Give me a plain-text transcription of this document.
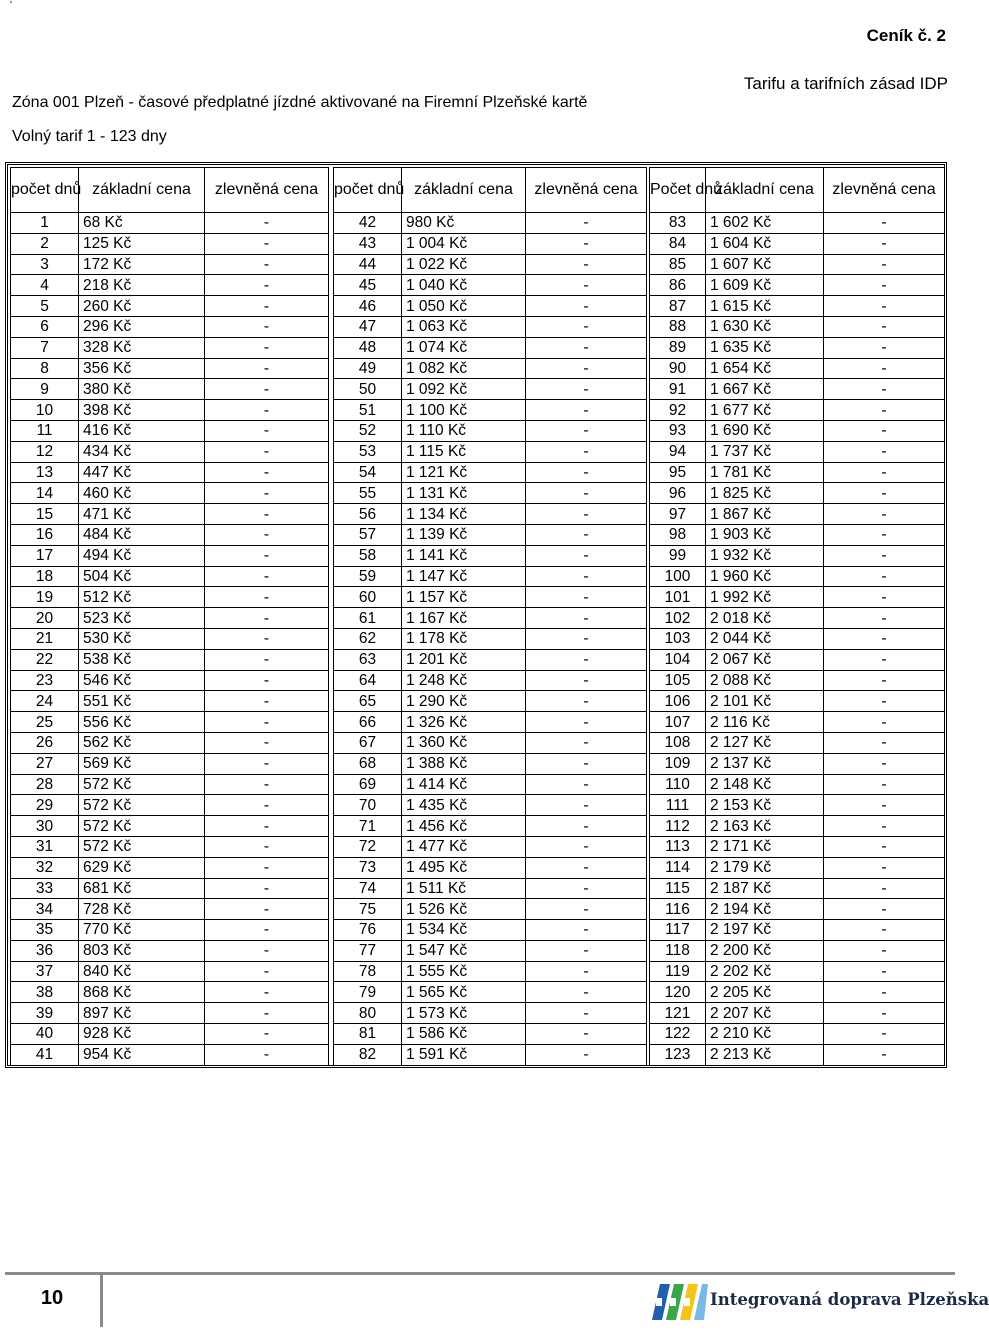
'
Ceník č. 2
Tarifu a tarifních zásad IDP
Zóna 001 Plzeň - časové předplatné jízdné aktivované na Firemní Plzeňské kartě
Volný tarif 1 - 123 dny
počet dnů	základní cena	zlevněná cena
1	68 Kč	-
2	125 Kč	-
3	172 Kč	-
4	218 Kč	-
5	260 Kč	-
6	296 Kč	-
7	328 Kč	-
8	356 Kč	-
9	380 Kč	-
10	398 Kč	-
11	416 Kč	-
12	434 Kč	-
13	447 Kč	-
14	460 Kč	-
15	471 Kč	-
16	484 Kč	-
17	494 Kč	-
18	504 Kč	-
19	512 Kč	-
20	523 Kč	-
21	530 Kč	-
22	538 Kč	-
23	546 Kč	-
24	551 Kč	-
25	556 Kč	-
26	562 Kč	-
27	569 Kč	-
28	572 Kč	-
29	572 Kč	-
30	572 Kč	-
31	572 Kč	-
32	629 Kč	-
33	681 Kč	-
34	728 Kč	-
35	770 Kč	-
36	803 Kč	-
37	840 Kč	-
38	868 Kč	-
39	897 Kč	-
40	928 Kč	-
41	954 Kč	-
počet dnů	základní cena	zlevněná cena
42	980 Kč	-
43	1 004 Kč	-
44	1 022 Kč	-
45	1 040 Kč	-
46	1 050 Kč	-
47	1 063 Kč	-
48	1 074 Kč	-
49	1 082 Kč	-
50	1 092 Kč	-
51	1 100 Kč	-
52	1 110 Kč	-
53	1 115 Kč	-
54	1 121 Kč	-
55	1 131 Kč	-
56	1 134 Kč	-
57	1 139 Kč	-
58	1 141 Kč	-
59	1 147 Kč	-
60	1 157 Kč	-
61	1 167 Kč	-
62	1 178 Kč	-
63	1 201 Kč	-
64	1 248 Kč	-
65	1 290 Kč	-
66	1 326 Kč	-
67	1 360 Kč	-
68	1 388 Kč	-
69	1 414 Kč	-
70	1 435 Kč	-
71	1 456 Kč	-
72	1 477 Kč	-
73	1 495 Kč	-
74	1 511 Kč	-
75	1 526 Kč	-
76	1 534 Kč	-
77	1 547 Kč	-
78	1 555 Kč	-
79	1 565 Kč	-
80	1 573 Kč	-
81	1 586 Kč	-
82	1 591 Kč	-
Počet dnů	základní cena	zlevněná cena
83	1 602 Kč	-
84	1 604 Kč	-
85	1 607 Kč	-
86	1 609 Kč	-
87	1 615 Kč	-
88	1 630 Kč	-
89	1 635 Kč	-
90	1 654 Kč	-
91	1 667 Kč	-
92	1 677 Kč	-
93	1 690 Kč	-
94	1 737 Kč	-
95	1 781 Kč	-
96	1 825 Kč	-
97	1 867 Kč	-
98	1 903 Kč	-
99	1 932 Kč	-
100	1 960 Kč	-
101	1 992 Kč	-
102	2 018 Kč	-
103	2 044 Kč	-
104	2 067 Kč	-
105	2 088 Kč	-
106	2 101 Kč	-
107	2 116 Kč	-
108	2 127 Kč	-
109	2 137 Kč	-
110	2 148 Kč	-
111	2 153 Kč	-
112	2 163 Kč	-
113	2 171 Kč	-
114	2 179 Kč	-
115	2 187 Kč	-
116	2 194 Kč	-
117	2 197 Kč	-
118	2 200 Kč	-
119	2 202 Kč	-
120	2 205 Kč	-
121	2 207 Kč	-
122	2 210 Kč	-
123	2 213 Kč	-
10	Integrovaná doprava Plzeňska
